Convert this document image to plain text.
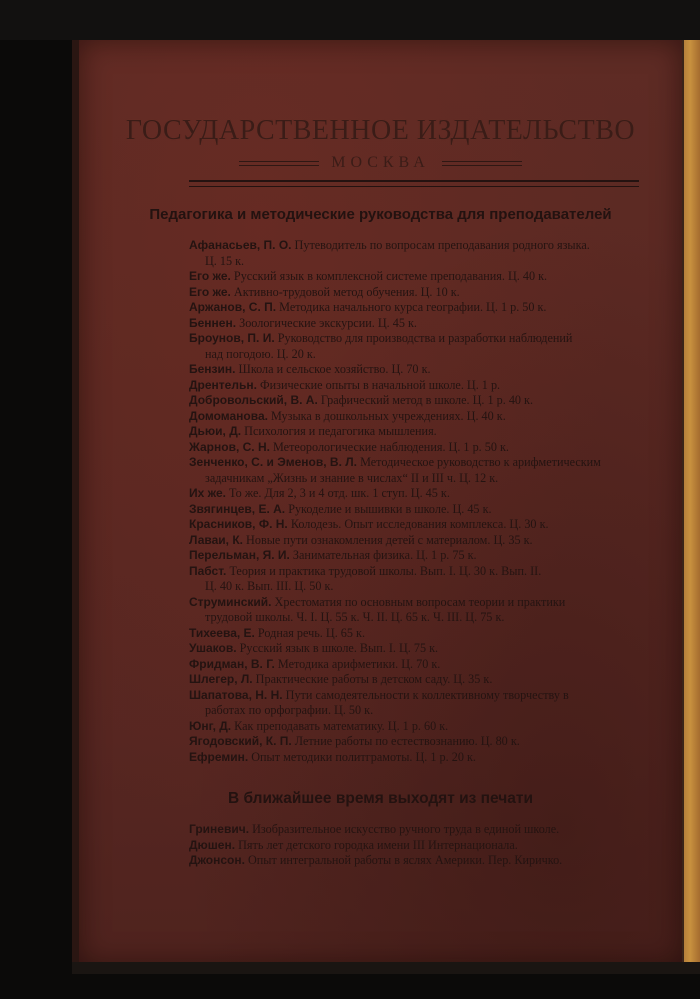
ГОСУДАРСТВЕННОЕ ИЗДАТЕЛЬСТВО
МОСКВА
Педагогика и методические руководства для преподавателей

Афанасьев, П. О. Путеводитель по вопросам преподавания родного языка.
Ц. 15 к.

Его же. Русский язык в комплексной системе преподавания. Ц. 40 к.

Его же. Активно-трудовой метод обучения. Ц. 10 к.

Аржанов, С. П. Методика начального курса географии. Ц. 1 р. 50 к.

Беннен. Зоологические экскурсии. Ц. 45 к.

Броунов, П. И. Руководство для производства и разработки наблюдений
над погодою. Ц. 20 к.

Бензин. Школа и сельское хозяйство. Ц. 70 к.

Дрентельн. Физические опыты в начальной школе. Ц. 1 р.

Добровольский, В. А. Графический метод в школе. Ц. 1 р. 40 к.

Домоманова. Музыка в дошкольных учреждениях. Ц. 40 к.

Дьюи, Д. Психология и педагогика мышления.

Жарнов, С. Н. Метеорологические наблюдения. Ц. 1 р. 50 к.

Зенченко, С. и Эменов, В. Л. Методическое руководство к арифметическим
задачникам „Жизнь и знание в числах“ II и III ч. Ц. 12 к.

Их же. То же. Для 2, 3 и 4 отд. шк. 1 ступ. Ц. 45 к.

Звягинцев, Е. А. Рукоделие и вышивки в школе. Ц. 45 к.

Красников, Ф. Н. Колодезь. Опыт исследования комплекса. Ц. 30 к.

Лаваи, К. Новые пути ознакомления детей с материалом. Ц. 35 к.

Перельман, Я. И. Занимательная физика. Ц. 1 р. 75 к.

Пабст. Теория и практика трудовой школы. Вып. I. Ц. 30 к. Вып. II.
Ц. 40 к. Вып. III. Ц. 50 к.

Струминский. Хрестоматия по основным вопросам теории и практики
трудовой школы. Ч. I. Ц. 55 к. Ч. II. Ц. 65 к. Ч. III. Ц. 75 к.

Тихеева, Е. Родная речь. Ц. 65 к.

Ушаков. Русский язык в школе. Вып. I. Ц. 75 к.

Фридман, В. Г. Методика арифметики. Ц. 70 к.

Шлегер, Л. Практические работы в детском саду. Ц. 35 к.

Шапатова, Н. Н. Пути самодеятельности к коллективному творчеству в
работах по орфографии. Ц. 50 к.

Юнг, Д. Как преподавать математику. Ц. 1 р. 60 к.

Ягодовский, К. П. Летние работы по естествознанию. Ц. 80 к.

Ефремин. Опыт методики политграмоты. Ц. 1 р. 20 к.

В ближайшее время выходят из печати

Гриневич. Изобразительное искусство ручного труда в единой школе.

Дюшен. Пять лет детского городка имени III Интернационала.

Джонсон. Опыт интегральной работы в яслях Америки. Пер. Киричко.
